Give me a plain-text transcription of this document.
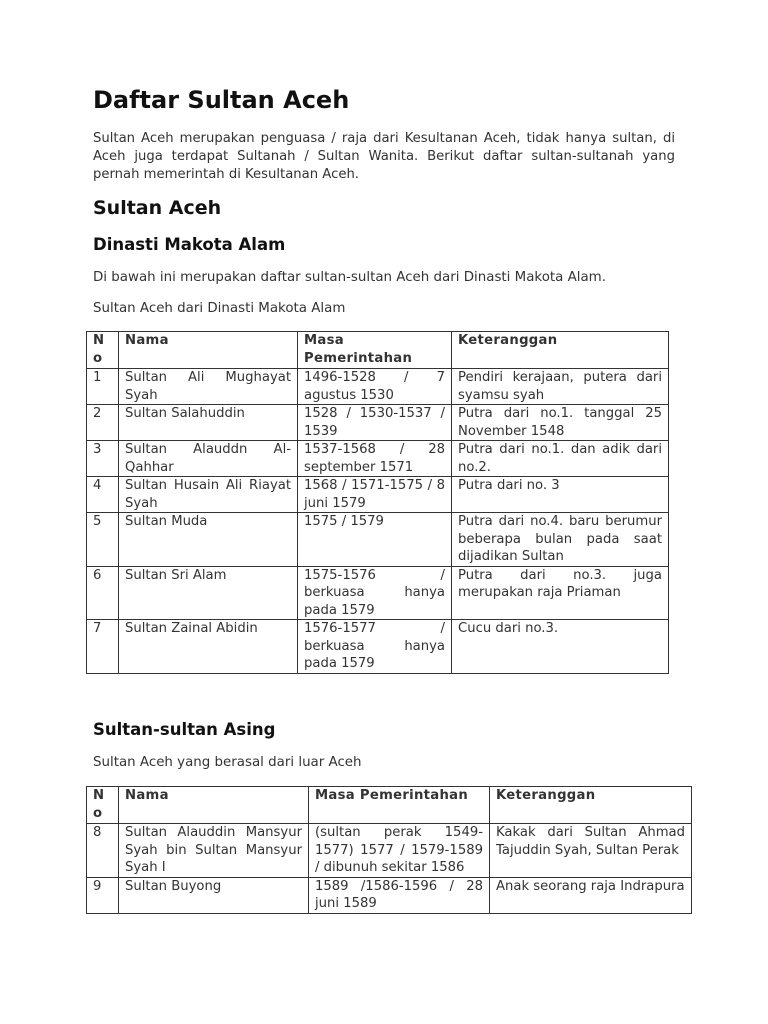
Daftar Sultan Aceh

Sultan Aceh merupakan penguasa / raja dari Kesultanan Aceh, tidak hanya sultan, di Aceh juga terdapat Sultanah / Sultan Wanita. Berikut daftar sultan-sultanah yang pernah memerintah di Kesultanan Aceh.

Sultan Aceh
Dinasti Makota Alam

Di bawah ini merupakan daftar sultan-sultan Aceh dari Dinasti Makota Alam.

Sultan Aceh dari Dinasti Makota Alam

No	Nama	Masa Pemerintahan	Keteranggan
1	Sultan Ali Mughayat Syah	1496-1528 / 7 agustus 1530	Pendiri kerajaan, putera dari syamsu syah
2	Sultan Salahuddin	1528 / 1530-1537 / 1539	Putra dari no.1. tanggal 25 November 1548
3	Sultan Alauddn Al-Qahhar	1537-1568 / 28 september 1571	Putra dari no.1. dan adik dari no.2.
4	Sultan Husain Ali Riayat Syah	1568 / 1571-1575 / 8 juni 1579	Putra dari no. 3
5	Sultan Muda	1575 / 1579	Putra dari no.4. baru berumur beberapa bulan pada saat dijadikan Sultan
6	Sultan Sri Alam	1575-1576 / berkuasa hanya pada 1579	Putra dari no.3. juga merupakan raja Priaman
7	Sultan Zainal Abidin	1576-1577 / berkuasa hanya pada 1579	Cucu dari no.3.
Sultan-sultan Asing

Sultan Aceh yang berasal dari luar Aceh

No	Nama	Masa Pemerintahan	Keteranggan
8	Sultan Alauddin Mansyur Syah bin Sultan Mansyur Syah I	(sultan perak 1549-1577) 1577 / 1579-1589 / dibunuh sekitar 1586	Kakak dari Sultan Ahmad Tajuddin Syah, Sultan Perak
9	Sultan Buyong	1589 /1586-1596 / 28 juni 1589	Anak seorang raja Indrapura
